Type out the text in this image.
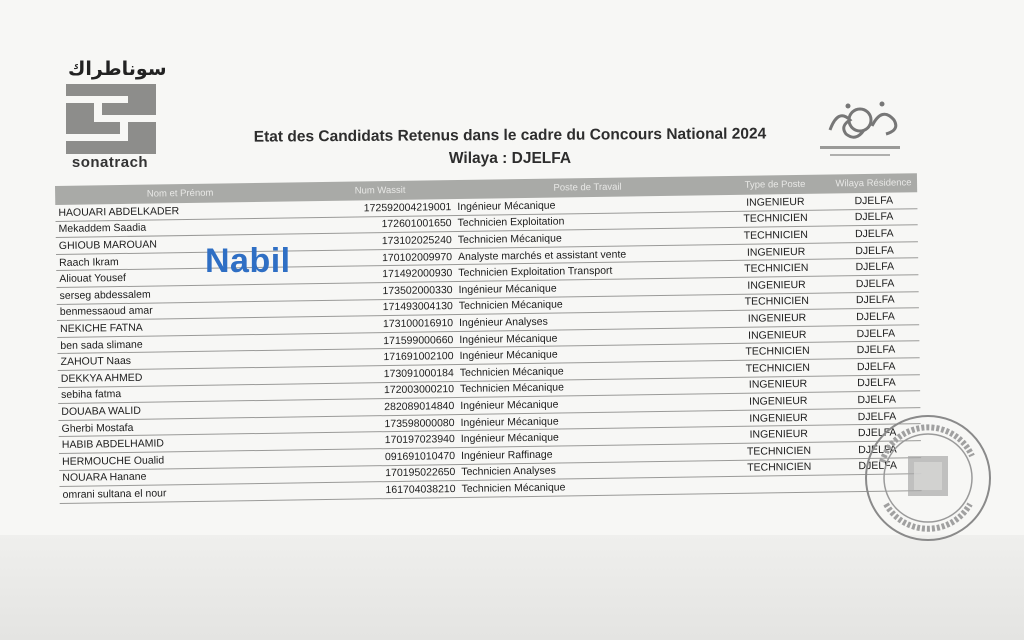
سوناطراك
sonatrach
Etat des Candidats Retenus dans le cadre du Concours National 2024
Wilaya : DJELFA
Nom et Prénom	Num Wassit	Poste de Travail	Type de Poste	Wilaya Résidence
HAOUARI ABDELKADER	172592004219001 Ingénieur Mécanique	INGENIEUR	DJELFA
Mekaddem Saadia	172601001650 Technicien Exploitation	TECHNICIEN	DJELFA
GHIOUB MAROUAN	173102025240 Technicien Mécanique	TECHNICIEN	DJELFA
Raach Ikram	170102009970 Analyste marchés et assistant vente	INGENIEUR	DJELFA
Aliouat Yousef	171492000930 Technicien Exploitation Transport	TECHNICIEN	DJELFA
serseg abdessalem	173502000330 Ingénieur Mécanique	INGENIEUR	DJELFA
benmessaoud amar	171493004130 Technicien Mécanique	TECHNICIEN	DJELFA
NEKICHE FATNA	173100016910 Ingénieur Analyses	INGENIEUR	DJELFA
ben sada slimane	171599000660 Ingénieur Mécanique	INGENIEUR	DJELFA
ZAHOUT Naas	171691002100 Ingénieur Mécanique	TECHNICIEN	DJELFA
DEKKYA AHMED	173091000184 Technicien Mécanique	TECHNICIEN	DJELFA
sebiha fatma	172003000210 Technicien Mécanique	INGENIEUR	DJELFA
DOUABA WALID	282089014840 Ingénieur Mécanique	INGENIEUR	DJELFA
Gherbi Mostafa	173598000080 Ingénieur Mécanique	INGENIEUR	DJELFA
HABIB ABDELHAMID	170197023940 Ingénieur Mécanique	INGENIEUR	DJELFA
HERMOUCHE Oualid	091691010470 Ingénieur Raffinage	TECHNICIEN	DJELFA
NOUARA Hanane	170195022650 Technicien Analyses	TECHNICIEN	DJELFA
omrani sultana el nour	161704038210 Technicien Mécanique
Nabil
